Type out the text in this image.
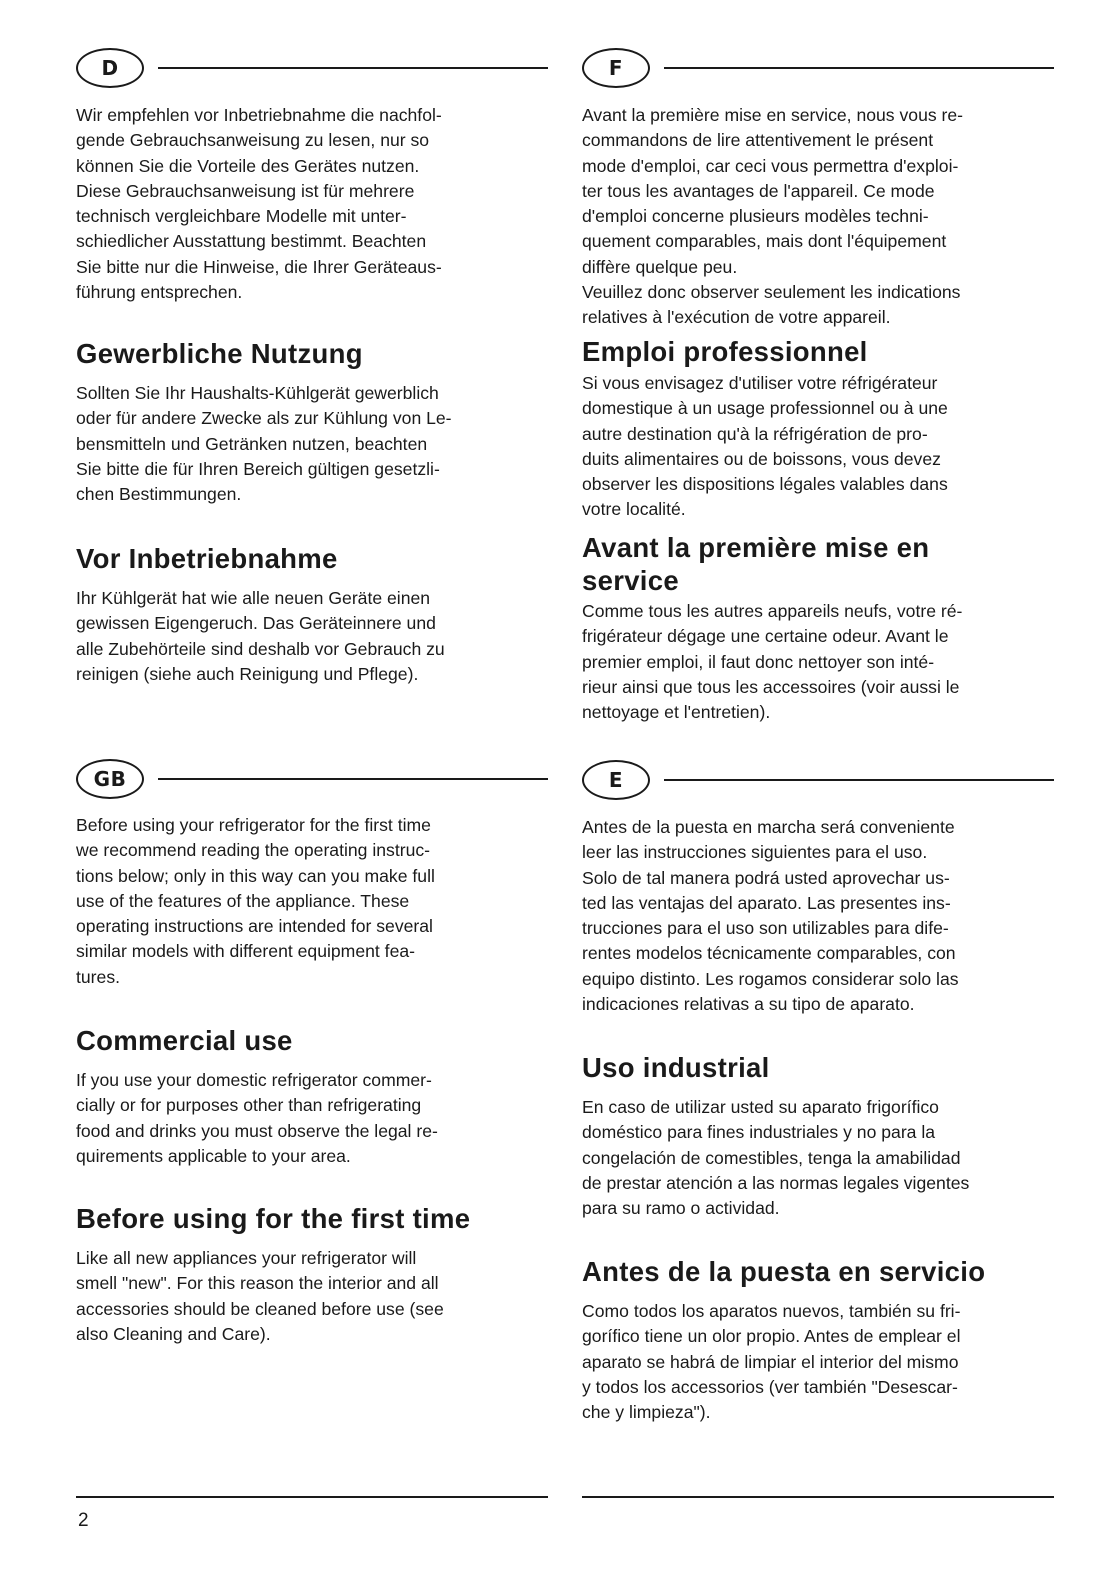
D

Wir empfehlen vor Inbetriebnahme die nachfol-
gende Gebrauchsanweisung zu lesen, nur so
können Sie die Vorteile des Gerätes nutzen.
Diese Gebrauchsanweisung ist für mehrere
technisch vergleichbare Modelle mit unter-
schiedlicher Ausstattung bestimmt. Beachten
Sie bitte nur die Hinweise, die Ihrer Geräteaus-
führung entsprechen.

Gewerbliche Nutzung

Sollten Sie Ihr Haushalts-Kühlgerät gewerblich
oder für andere Zwecke als zur Kühlung von Le-
bensmitteln und Getränken nutzen, beachten
Sie bitte die für Ihren Bereich gültigen gesetzli-
chen Bestimmungen.

Vor Inbetriebnahme

Ihr Kühlgerät hat wie alle neuen Geräte einen
gewissen Eigengeruch. Das Geräteinnere und
alle Zubehörteile sind deshalb vor Gebrauch zu
reinigen (siehe auch Reinigung und Pflege).

F

Avant la première mise en service, nous vous re-
commandons de lire attentivement le présent
mode d'emploi, car ceci vous permettra d'exploi-
ter tous les avantages de l'appareil. Ce mode
d'emploi concerne plusieurs modèles techni-
quement comparables, mais dont l'équipement
diffère quelque peu.
Veuillez donc observer seulement les indications
relatives à l'exécution de votre appareil.

Emploi professionnel

Si vous envisagez d'utiliser votre réfrigérateur
domestique à un usage professionnel ou à une
autre destination qu'à la réfrigération de pro-
duits alimentaires ou de boissons, vous devez
observer les dispositions légales valables dans
votre localité.

Avant la première mise en
service

Comme tous les autres appareils neufs, votre ré-
frigérateur dégage une certaine odeur. Avant le
premier emploi, il faut donc nettoyer son inté-
rieur ainsi que tous les accessoires (voir aussi le
nettoyage et l'entretien).

GB

Before using your refrigerator for the first time
we recommend reading the operating instruc-
tions below; only in this way can you make full
use of the features of the appliance. These
operating instructions are intended for several
similar models with different equipment fea-
tures.

Commercial use

If you use your domestic refrigerator commer-
cially or for purposes other than refrigerating
food and drinks you must observe the legal re-
quirements applicable to your area.

Before using for the first time

Like all new appliances your refrigerator will
smell "new". For this reason the interior and all
accessories should be cleaned before use (see
also Cleaning and Care).

E

Antes de la puesta en marcha será conveniente
leer las instrucciones siguientes para el uso.
Solo de tal manera podrá usted aprovechar us-
ted las ventajas del aparato. Las presentes ins-
trucciones para el uso son utilizables para dife-
rentes modelos técnicamente comparables, con
equipo distinto. Les rogamos considerar solo las
indicaciones relativas a su tipo de aparato.

Uso industrial

En caso de utilizar usted su aparato frigorífico
doméstico para fines industriales y no para la
congelación de comestibles, tenga la amabilidad
de prestar atención a las normas legales vigentes
para su ramo o actividad.

Antes de la puesta en servicio

Como todos los aparatos nuevos, también su fri-
gorífico tiene un olor propio. Antes de emplear el
aparato se habrá de limpiar el interior del mismo
y todos los accessorios (ver también "Desescar-
che y limpieza").

2
